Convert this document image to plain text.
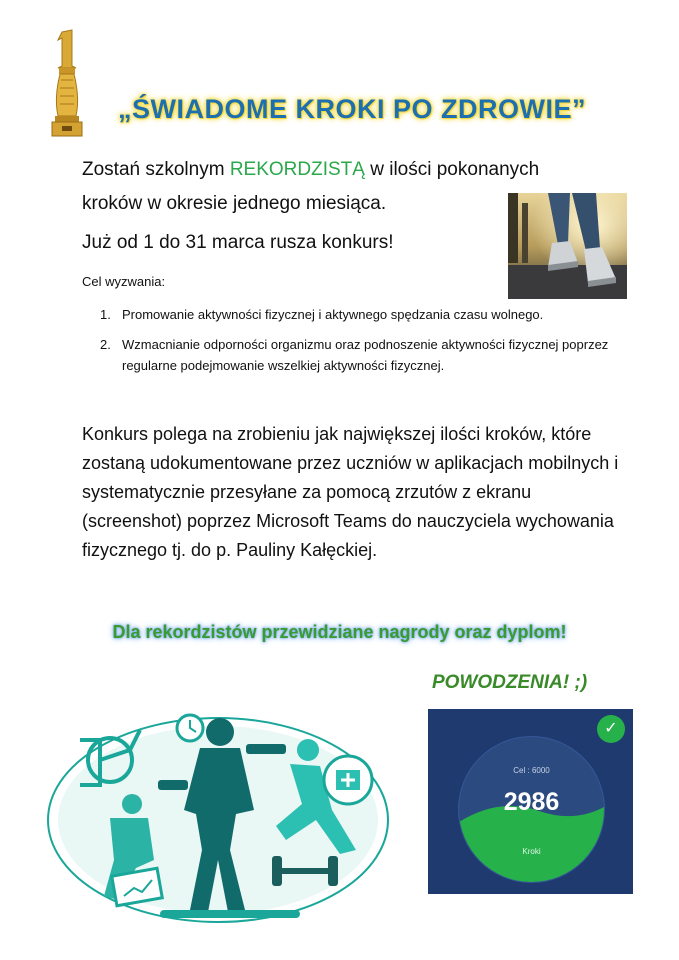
„ŚWIADOME KROKI PO ZDROWIE”
Zostań szkolnym REKORDZISTĄ w ilości pokonanych
kroków w okresie jednego miesiąca.
Już od 1 do 31 marca rusza konkurs!
Cel wyzwania:
1. Promowanie aktywności fizycznej i aktywnego spędzania czasu wolnego.
2. Wzmacnianie odporności organizmu oraz podnoszenie aktywności fizycznej poprzez regularne podejmowanie wszelkiej aktywności fizycznej.
Konkurs polega na zrobieniu jak największej ilości kroków, które zostaną udokumentowane przez uczniów w aplikacjach mobilnych i systematycznie przesyłane za pomocą zrzutów z ekranu (screenshot) poprzez Microsoft Teams do nauczyciela wychowania fizycznego tj. do p. Pauliny Kałęckiej.
Dla rekordzistów przewidziane nagrody oraz dyplom!
POWODZENIA! ;)
✓
Cel : 6000
2986
Kroki
